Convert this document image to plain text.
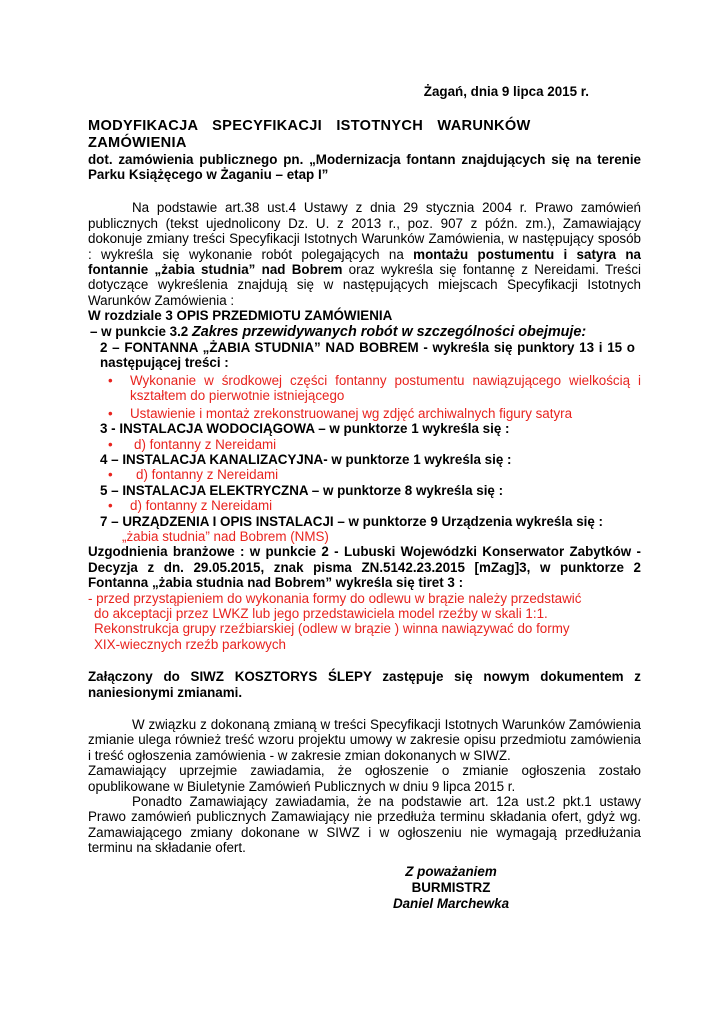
Żagań, dnia 9 lipca 2015 r.
MODYFIKACJA SPECYFIKACJI ISTOTNYCH WARUNKÓW ZAMÓWIENIA
dot. zamówienia publicznego pn. „Modernizacja fontann znajdujących się na terenie Parku Książęcego w Żaganiu – etap I”
Na podstawie art.38 ust.4 Ustawy z dnia 29 stycznia 2004 r. Prawo zamówień publicznych (tekst ujednolicony Dz. U. z 2013 r., poz. 907 z późn. zm.), Zamawiający dokonuje zmiany treści Specyfikacji Istotnych Warunków Zamówienia, w następujący sposób : wykreśla się wykonanie robót polegających na montażu postumentu i satyra na fontannie „żabia studnia” nad Bobrem oraz wykreśla się fontannę z Nereidami. Treści dotyczące wykreślenia znajdują się w następujących miejscach Specyfikacji Istotnych Warunków Zamówienia :
W rozdziale 3 OPIS PRZEDMIOTU ZAMÓWIENIA
– w punkcie 3.2 Zakres przewidywanych robót w szczególności obejmuje:
2 – FONTANNA „ŻABIA STUDNIA” NAD BOBREM - wykreśla się punktory 13 i 15 o następującej treści :
• Wykonanie w środkowej części fontanny postumentu nawiązującego wielkością i kształtem do pierwotnie istniejącego
• Ustawienie i montaż zrekonstruowanej wg zdjęć archiwalnych figury satyra
3 - INSTALACJA WODOCIĄGOWA – w punktorze 1 wykreśla się :
• d) fontanny z Nereidami
4 – INSTALACJA KANALIZACYJNA- w punktorze 1 wykreśla się :
• d) fontanny z Nereidami
5 – INSTALACJA ELEKTRYCZNA – w punktorze 8 wykreśla się :
• d) fontanny z Nereidami
7 – URZĄDZENIA I OPIS INSTALACJI – w punktorze 9 Urządzenia wykreśla się :
„żabia studnia” nad Bobrem (NMS)
Uzgodnienia branżowe : w punkcie 2 - Lubuski Wojewódzki Konserwator Zabytków - Decyzja z dn. 29.05.2015, znak pisma ZN.5142.23.2015 [mZag]3, w punktorze 2 Fontanna „żabia studnia nad Bobrem” wykreśla się tiret 3 :
- przed przystąpieniem do wykonania formy do odlewu w brązie należy przedstawić
do akceptacji przez LWKZ lub jego przedstawiciela model rzeźby w skali 1:1.
Rekonstrukcja grupy rzeźbiarskiej (odlew w brązie ) winna nawiązywać do formy
XIX-wiecznych rzeźb parkowych
Załączony do SIWZ KOSZTORYS ŚLEPY zastępuje się nowym dokumentem z naniesionymi zmianami.
W związku z dokonaną zmianą w treści Specyfikacji Istotnych Warunków Zamówienia zmianie ulega również treść wzoru projektu umowy w zakresie opisu przedmiotu zamówienia i treść ogłoszenia zamówienia - w zakresie zmian dokonanych w SIWZ.
Zamawiający uprzejmie zawiadamia, że ogłoszenie o zmianie ogłoszenia zostało opublikowane w Biuletynie Zamówień Publicznych w dniu 9 lipca 2015 r.
Ponadto Zamawiający zawiadamia, że na podstawie art. 12a ust.2 pkt.1 ustawy Prawo zamówień publicznych Zamawiający nie przedłuża terminu składania ofert, gdyż wg. Zamawiającego zmiany dokonane w SIWZ i w ogłoszeniu nie wymagają przedłużania terminu na składanie ofert.
Z poważaniem
BURMISTRZ
Daniel Marchewka
